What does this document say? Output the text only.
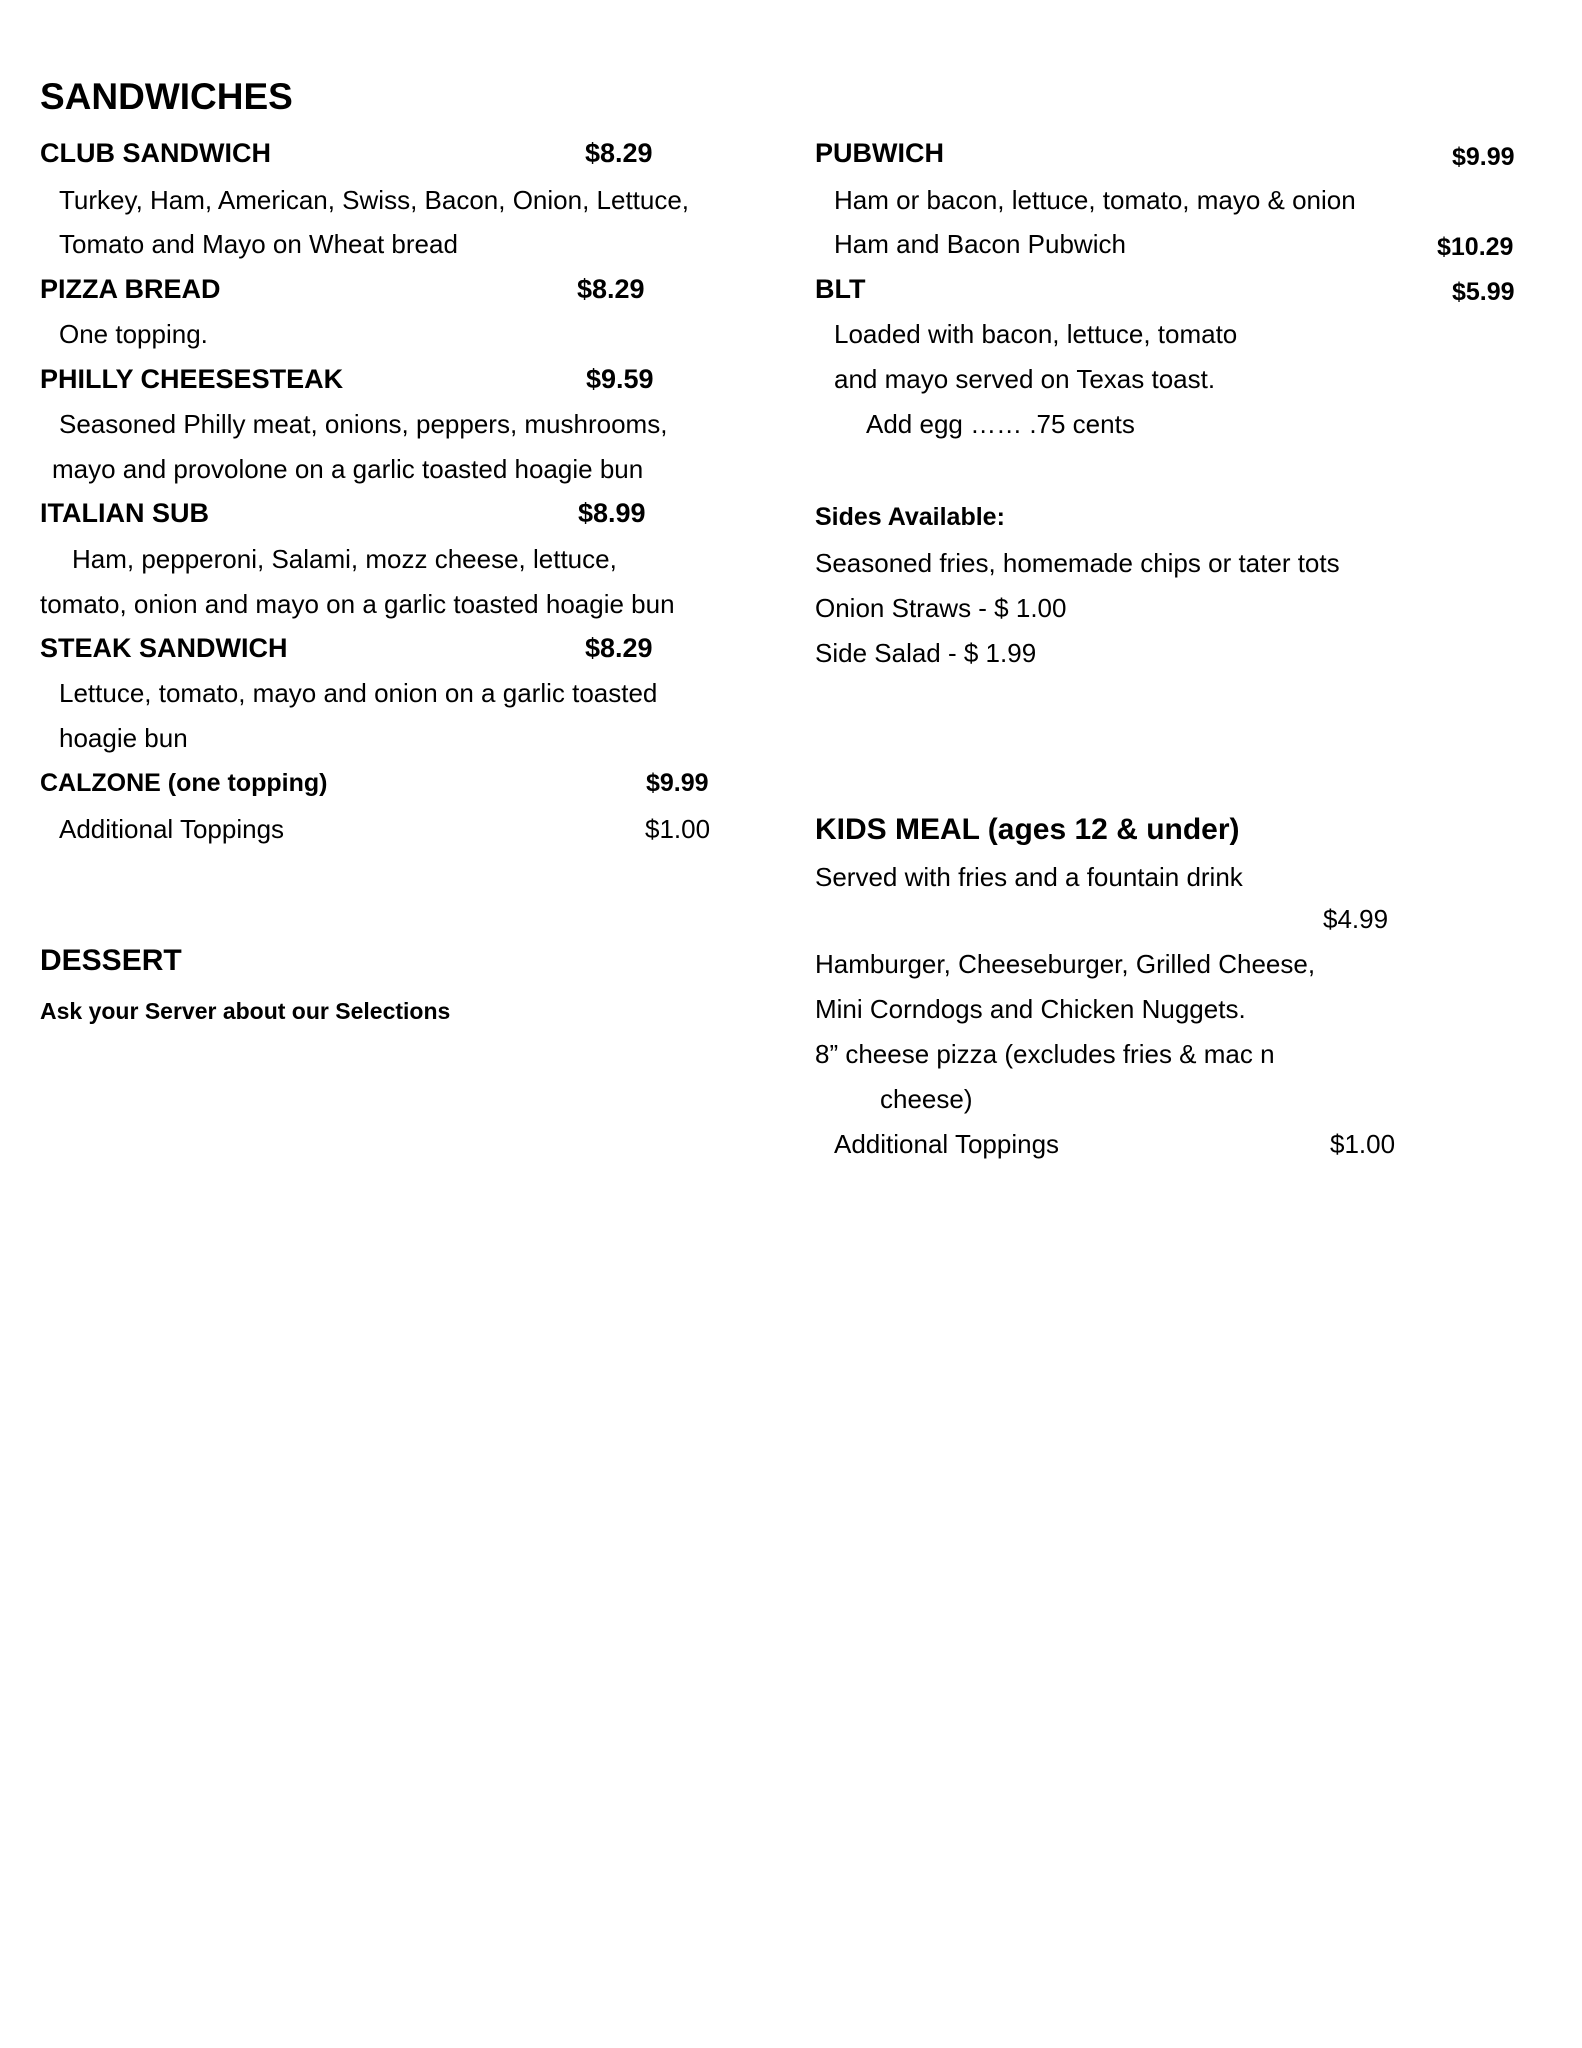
SANDWICHES
CLUB SANDWICH	$8.29
Turkey, Ham, American, Swiss, Bacon, Onion, Lettuce,
Tomato and Mayo on Wheat bread
PIZZA BREAD	$8.29
One topping.
PHILLY CHEESESTEAK	$9.59
Seasoned Philly meat, onions, peppers, mushrooms,
mayo and provolone on a garlic toasted hoagie bun
ITALIAN SUB	$8.99
Ham, pepperoni, Salami, mozz cheese, lettuce,
tomato, onion and mayo on a garlic toasted hoagie bun
STEAK SANDWICH	$8.29
Lettuce, tomato, mayo and onion on a garlic toasted
hoagie bun
CALZONE (one topping)	$9.99
Additional Toppings	$1.00
DESSERT
Ask your Server about our Selections
PUBWICH	$9.99
Ham or bacon, lettuce, tomato, mayo & onion
Ham and Bacon Pubwich	$10.29
BLT	$5.99
Loaded with bacon, lettuce, tomato
and mayo served on Texas toast.
Add egg …… .75 cents
Sides Available:
Seasoned fries, homemade chips or tater tots
Onion Straws - $ 1.00
Side Salad - $ 1.99
KIDS MEAL (ages 12 & under)
Served with fries and a fountain drink
$4.99
Hamburger, Cheeseburger, Grilled Cheese,
Mini Corndogs and Chicken Nuggets.
8” cheese pizza (excludes fries & mac n
cheese)
Additional Toppings	$1.00
